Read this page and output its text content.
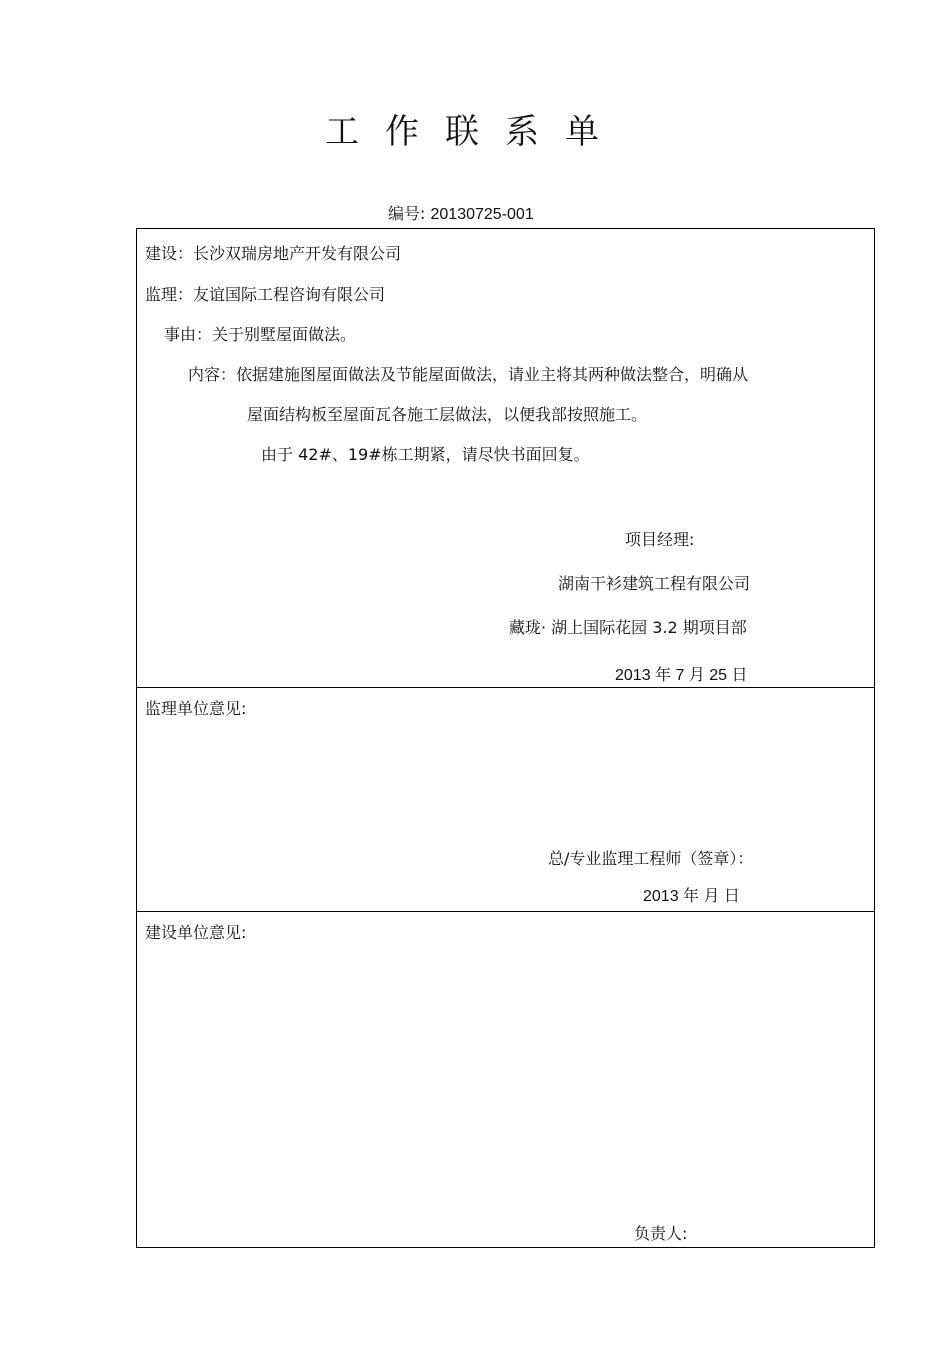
工作联系单
编号: 20130725-001
建设：长沙双瑞房地产开发有限公司
监理：友谊国际工程咨询有限公司
事由：关于别墅屋面做法。
内容：依据建施图屋面做法及节能屋面做法，请业主将其两种做法整合，明确从
屋面结构板至屋面瓦各施工层做法，以便我部按照施工。
由于 42#、19#栋工期紧，请尽快书面回复。
项目经理:
湖南干衫建筑工程有限公司
藏珑· 湖上国际花园 3.2 期项目部
2013 年 7 月 25 日
监理单位意见:
总/专业监理工程师（签章）：
2013 年 月 日
建设单位意见:
负责人:
